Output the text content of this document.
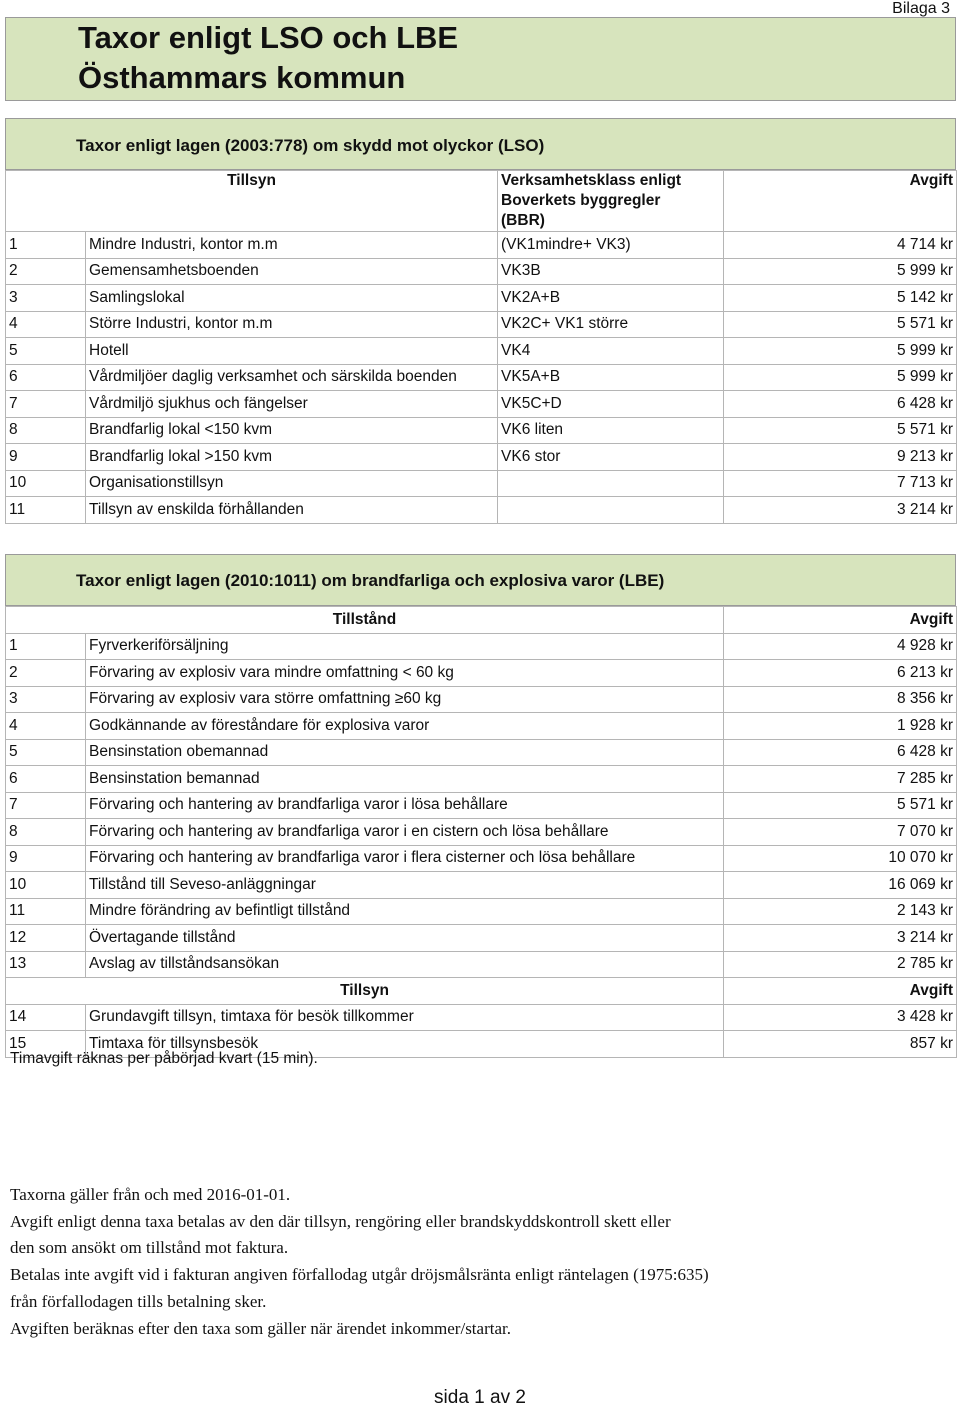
Bilaga 3
Taxor enligt LSO och LBE
Östhammars kommun
Taxor enligt lagen (2003:778) om skydd mot olyckor (LSO)
Tillsyn		Verksamhetsklass enligt
Boverkets byggregler
(BBR)	Avgift
1	Mindre Industri, kontor m.m	(VK1mindre+ VK3)	4 714 kr
2	Gemensamhetsboenden	VK3B	5 999 kr
3	Samlingslokal	VK2A+B	5 142 kr
4	Större Industri, kontor m.m	VK2C+ VK1 större	5 571 kr
5	Hotell	VK4	5 999 kr
6	Vårdmiljöer daglig verksamhet och särskilda boenden	VK5A+B	5 999 kr
7	Vårdmiljö sjukhus och fängelser	VK5C+D	6 428 kr
8	Brandfarlig lokal <150 kvm	VK6 liten	5 571 kr
9	Brandfarlig lokal >150 kvm	VK6 stor	9 213 kr
10	Organisationstillsyn		7 713 kr
11	Tillsyn av enskilda förhållanden		3 214 kr
Taxor enligt lagen (2010:1011) om brandfarliga och explosiva varor (LBE)
Tillstånd		Avgift
1	Fyrverkeriförsäljning	4 928 kr
2	Förvaring av explosiv vara mindre omfattning < 60 kg	6 213 kr
3	Förvaring av explosiv vara större omfattning ≥60 kg	8 356 kr
4	Godkännande av föreståndare för explosiva varor	1 928 kr
5	Bensinstation obemannad	6 428 kr
6	Bensinstation bemannad	7 285 kr
7	Förvaring och hantering av brandfarliga varor i lösa behållare	5 571 kr
8	Förvaring och hantering av brandfarliga varor i en cistern och lösa behållare	7 070 kr
9	Förvaring och hantering av brandfarliga varor i flera cisterner och lösa behållare	10 070 kr
10	Tillstånd till Seveso-anläggningar	16 069 kr
11	Mindre förändring av befintligt tillstånd	2 143 kr
12	Övertagande tillstånd	3 214 kr
13	Avslag av tillståndsansökan	2 785 kr
Tillsyn		Avgift
14	Grundavgift tillsyn, timtaxa för besök tillkommer	3 428 kr
15	Timtaxa för tillsynsbesök	857 kr
Timavgift räknas per påbörjad kvart (15 min).
Taxorna gäller från och med 2016-01-01.
Avgift enligt denna taxa betalas av den där tillsyn, rengöring eller brandskyddskontroll skett eller
den som ansökt om tillstånd mot faktura.
Betalas inte avgift vid i fakturan angiven förfallodag utgår dröjsmålsränta enligt räntelagen (1975:635)
från förfallodagen tills betalning sker.
Avgiften beräknas efter den taxa som gäller när ärendet inkommer/startar.
sida 1 av 2
